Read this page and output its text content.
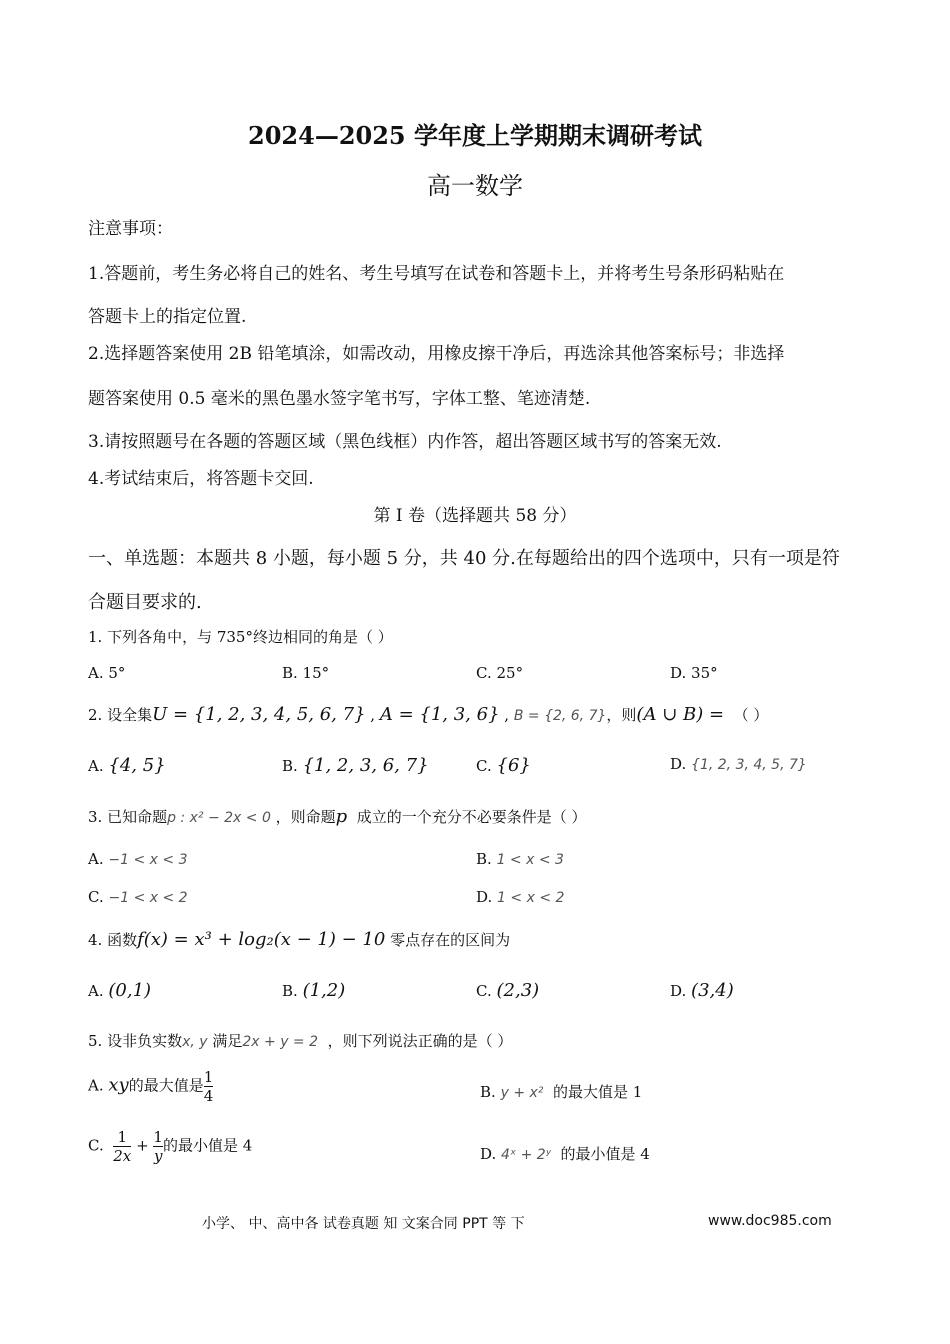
2024—2025 学年度上学期期末调研考试
高一数学
注意事项：
1.答题前，考生务必将自己的姓名、考生号填写在试卷和答题卡上，并将考生号条形码粘贴在
答题卡上的指定位置.
2.选择题答案使用 2B 铅笔填涂，如需改动，用橡皮擦干净后，再选涂其他答案标号；非选择
题答案使用 0.5 毫米的黑色墨水签字笔书写，字体工整、笔迹清楚.
3.请按照题号在各题的答题区域（黑色线框）内作答，超出答题区域书写的答案无效.
4.考试结束后，将答题卡交回.
第 I 卷（选择题共 58 分）
一、单选题：本题共 8 小题，每小题 5 分，共 40 分.在每题给出的四个选项中，只有一项是符
合题目要求的.
1. 下列各角中，与 735°终边相同的角是（ ）
A. 5°	B. 15°	C. 25°	D. 35°
2. 设全集U = {1, 2, 3, 4, 5, 6, 7} , A = {1, 3, 6} , B = {2, 6, 7}，则(A ∪ B) = （ ）
A. {4, 5}	B. {1, 2, 3, 6, 7}	C. {6}	D. {1, 2, 3, 4, 5, 7}
3. 已知命题p : x² − 2x < 0 ，则命题p 成立的一个充分不必要条件是（ ）
A. −1 < x < 3	B. 1 < x < 3
C. −1 < x < 2	D. 1 < x < 2
4. 函数f(x) = x³ + log₂(x − 1) − 10 零点存在的区间为
A. (0,1)	B. (1,2)	C. (2,3)	D. (3,4)
5. 设非负实数x, y 满足2x + y = 2 ，则下列说法正确的是（ ）
A. xy的最大值是 $\frac{1}{4}$	B. y + x² 的最大值是 1
C. $\frac{1}{2x} + \frac{1}{y}$ 的最小值是 4	D. 4ˣ + 2ʸ 的最小值是 4
小学、 中、高中各 试卷真题 知 文案合同 PPT 等 下	www.doc985.com
